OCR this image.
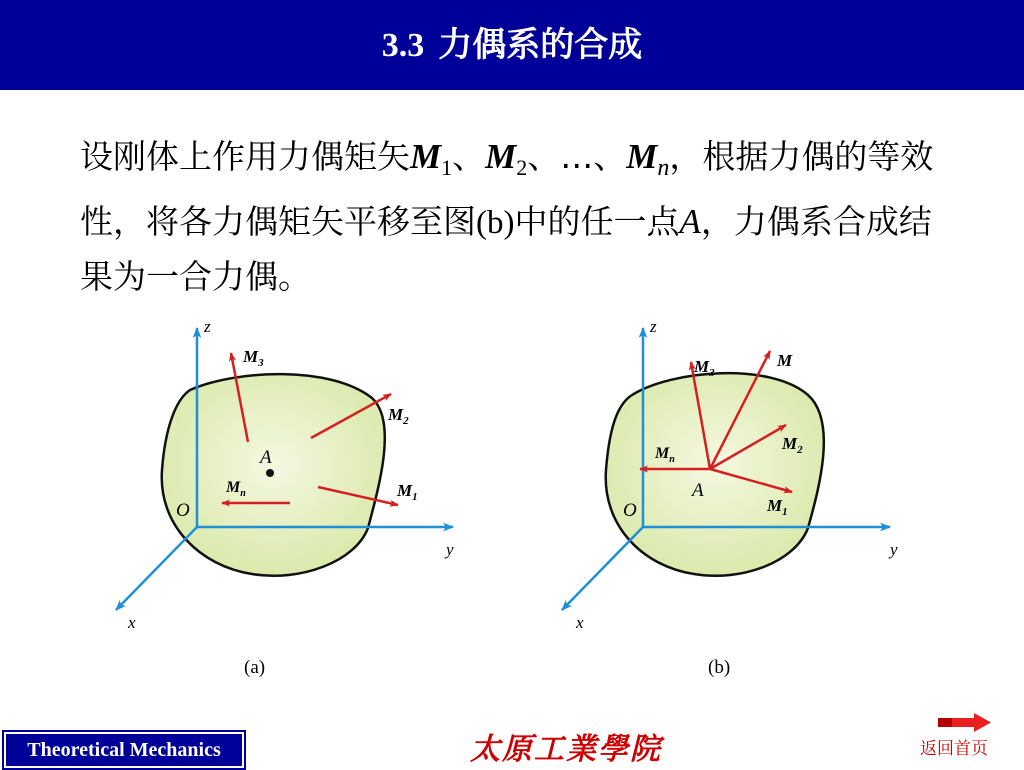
3.3 力偶系的合成
设刚体上作用力偶矩矢$M_1$、$M_2$、…、$M_n$，根据力偶的等效性，将各力偶矩矢平移至图(b)中的任一点A，力偶系合成结果为一合力偶。
z
y
x
O
A
$M_3$
$M_2$
$M_1$
$M_n$
(a)
z
y
x
O
A
M
$M_3$
$M_2$
$M_1$
$M_n$
(b)
Theoretical Mechanics	太原工業學院	返回首页
